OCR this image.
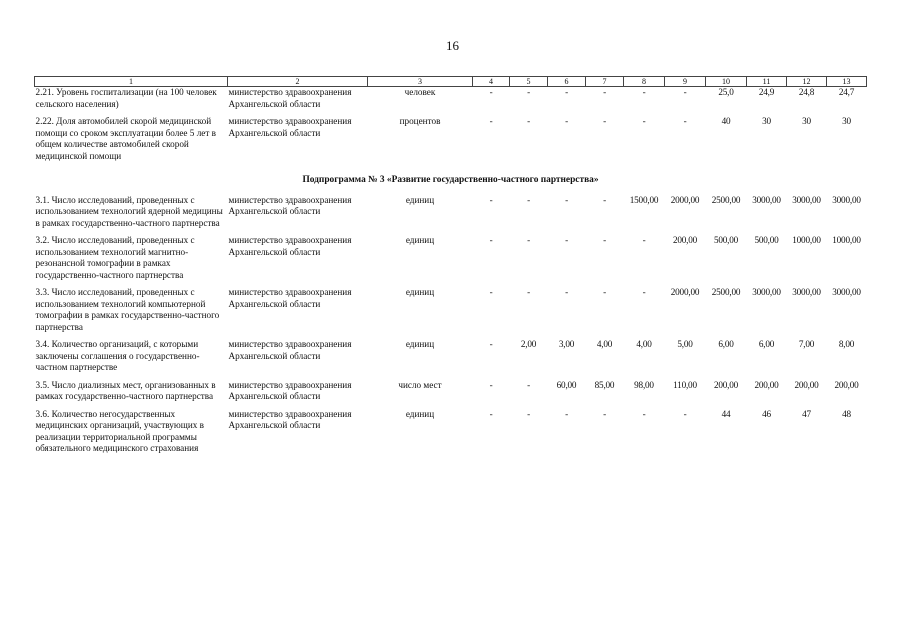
16
1	2	3	4	5	6	7	8	9	10	11	12	13
2.21. Уровень госпитализации (на 100 человек сельского населения)	министерство здравоохранения Архангельской области	человек	-	-	-	-	-	-	25,0	24,9	24,8	24,7
2.22. Доля автомобилей скорой медицинской помощи со сроком эксплуатации более 5 лет в общем количестве автомобилей скорой медицинской помощи	министерство здравоохранения Архангельской области	процентов	-	-	-	-	-	-	40	30	30	30
Подпрограмма № 3 «Развитие государственно-частного партнерства»												
3.1. Число исследований, проведенных с использованием технологий ядерной медицины в рамках государственно-частного партнерства	министерство здравоохранения Архангельской области	единиц	-	-	-	-	1500,00	2000,00	2500,00	3000,00	3000,00	3000,00
3.2. Число исследований, проведенных с использованием технологий магнитно-резонансной томографии в рамках государственно-частного партнерства	министерство здравоохранения Архангельской области	единиц	-	-	-	-	-	200,00	500,00	500,00	1000,00	1000,00
3.3. Число исследований, проведенных с использованием технологий компьютерной томографии в рамках государственно-частного партнерства	министерство здравоохранения Архангельской области	единиц	-	-	-	-	-	2000,00	2500,00	3000,00	3000,00	3000,00
3.4. Количество организаций, с которыми заключены соглашения о государственно-частном партнерстве	министерство здравоохранения Архангельской области	единиц	-	2,00	3,00	4,00	4,00	5,00	6,00	6,00	7,00	8,00
3.5. Число диализных мест, организованных в рамках государственно-частного партнерства	министерство здравоохранения Архангельской области	число мест	-	-	60,00	85,00	98,00	110,00	200,00	200,00	200,00	200,00
3.6. Количество негосударственных медицинских организаций, участвующих в реализации территориальной программы обязательного медицинского страхования	министерство здравоохранения Архангельской области	единиц	-	-	-	-	-	-	44	46	47	48
